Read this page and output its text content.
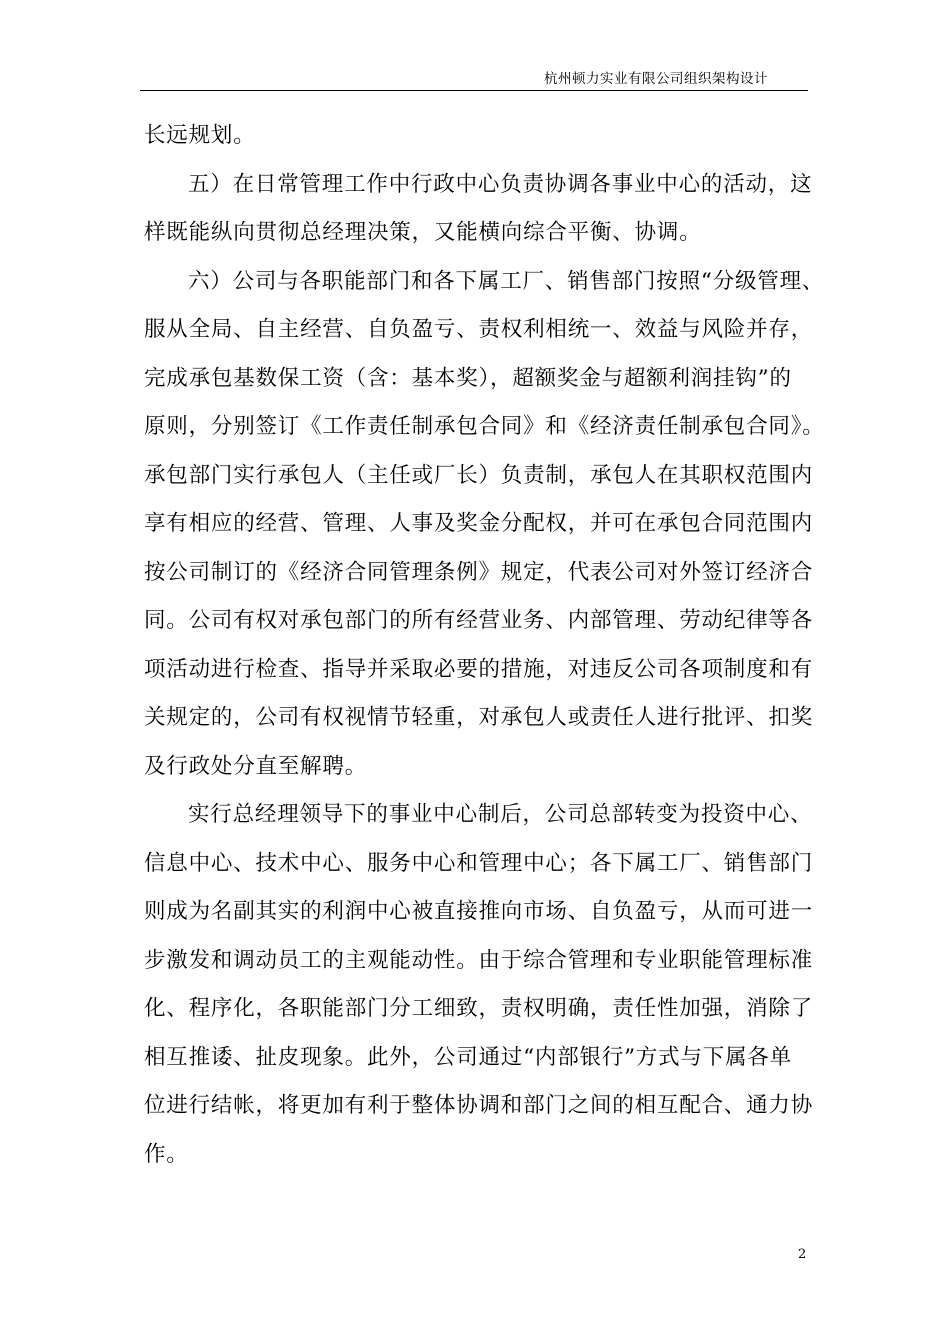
杭州顿力实业有限公司组织架构设计
长远规划。
五）在日常管理工作中行政中心负责协调各事业中心的活动，这
样既能纵向贯彻总经理决策，又能横向综合平衡、协调。
六）公司与各职能部门和各下属工厂、销售部门按照“分级管理、
服从全局、自主经营、自负盈亏、责权利相统一、效益与风险并存，
完成承包基数保工资（含：基本奖），超额奖金与超额利润挂钩”的
原则，分别签订《工作责任制承包合同》和《经济责任制承包合同》。
承包部门实行承包人（主任或厂长）负责制，承包人在其职权范围内
享有相应的经营、管理、人事及奖金分配权，并可在承包合同范围内
按公司制订的《经济合同管理条例》规定，代表公司对外签订经济合
同。公司有权对承包部门的所有经营业务、内部管理、劳动纪律等各
项活动进行检查、指导并采取必要的措施，对违反公司各项制度和有
关规定的，公司有权视情节轻重，对承包人或责任人进行批评、扣奖
及行政处分直至解聘。
实行总经理领导下的事业中心制后，公司总部转变为投资中心、
信息中心、技术中心、服务中心和管理中心；各下属工厂、销售部门
则成为名副其实的利润中心被直接推向市场、自负盈亏，从而可进一
步激发和调动员工的主观能动性。由于综合管理和专业职能管理标准
化、程序化，各职能部门分工细致，责权明确，责任性加强，消除了
相互推诿、扯皮现象。此外，公司通过“内部银行”方式与下属各单
位进行结帐，将更加有利于整体协调和部门之间的相互配合、通力协
作。
2
